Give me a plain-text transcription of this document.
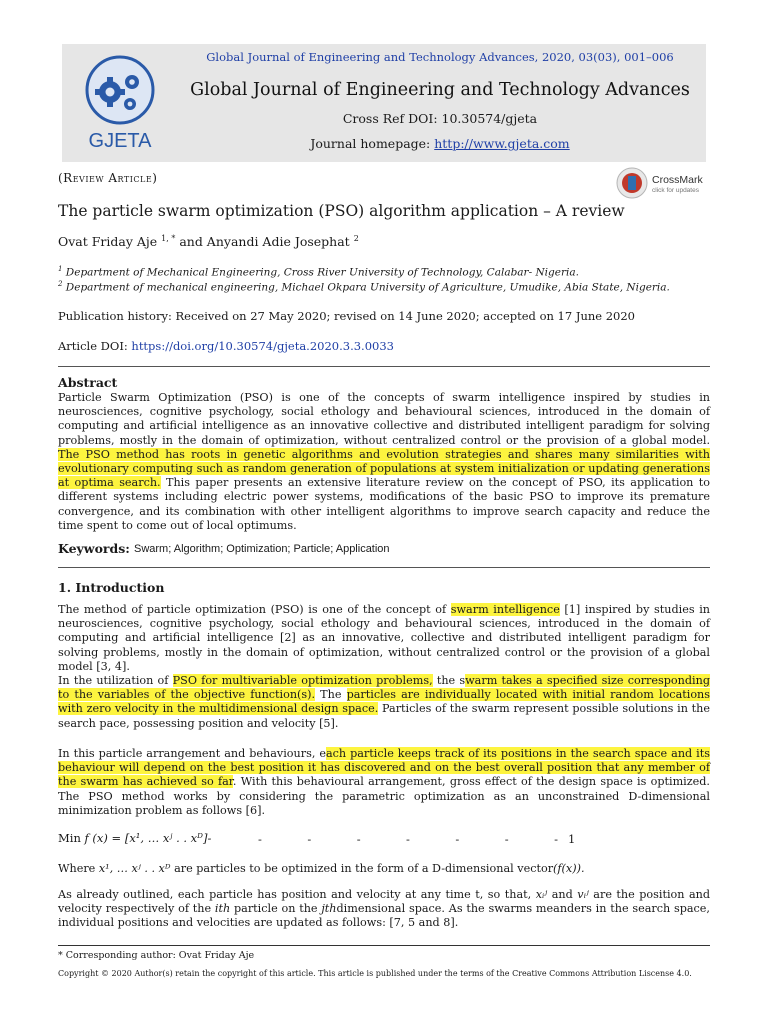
GJETA
Global Journal of Engineering and Technology Advances, 2020, 03(03), 001–006
Global Journal of Engineering and Technology Advances
Cross Ref DOI: 10.30574/gjeta
Journal homepage: http://www.gjeta.com
(Review Article)	CrossMark
click for updates
The particle swarm optimization (PSO) algorithm application – A review
Ovat Friday Aje $^{1, *}$ and Anyandi Adie Josephat $^2$
$^1$ Department of Mechanical Engineering, Cross River University of Technology, Calabar- Nigeria.
$^2$ Department of mechanical engineering, Michael Okpara University of Agriculture, Umudike, Abia State, Nigeria.
Publication history: Received on 27 May 2020; revised on 14 June 2020; accepted on 17 June 2020
Article DOI: https://doi.org/10.30574/gjeta.2020.3.3.0033
Abstract
Particle Swarm Optimization (PSO) is one of the concepts of swarm intelligence inspired by studies in neurosciences, cognitive psychology, social ethology and behavioural sciences, introduced in the domain of computing and artificial intelligence as an innovative collective and distributed intelligent paradigm for solving problems, mostly in the domain of optimization, without centralized control or the provision of a global model. The PSO method has roots in genetic algorithms and evolution strategies and shares many similarities with evolutionary computing such as random generation of populations at system initialization or updating generations at optima search. This paper presents an extensive literature review on the concept of PSO, its application to different systems including electric power systems, modifications of the basic PSO to improve its premature convergence, and its combination with other intelligent algorithms to improve search capacity and reduce the time spent to come out of local optimums.
Keywords: Swarm; Algorithm; Optimization; Particle; Application
1. Introduction
The method of particle optimization (PSO) is one of the concept of swarm intelligence [1] inspired by studies in neurosciences, cognitive psychology, social ethology and behavioural sciences, introduced in the domain of computing and artificial intelligence [2] as an innovative, collective and distributed intelligent paradigm for solving problems, mostly in the domain of optimization, without centralized control or the provision of a global model [3, 4].
In the utilization of PSO for multivariable optimization problems, the swarm takes a specified size corresponding to the variables of the objective function(s). The particles are individually located with initial random locations with zero velocity in the multidimensional design space. Particles of the swarm represent possible solutions in the search pace, possessing position and velocity [5].
In this particle arrangement and behaviours, each particle keeps track of its positions in the search space and its behaviour will depend on the best position it has discovered and on the best overall position that any member of the swarm has achieved so far. With this behavioural arrangement, gross effect of the design space is optimized. The PSO method works by considering the parametric optimization as an unconstrained D-dimensional minimization problem as follows [6].
Min f (x) = [x¹, … xʲ . . xᴰ]-	-	-	-	-	-	-	- 1
Where x¹, … xʲ . . xᴰ are particles to be optimized in the form of a D-dimensional vector(f(x)).
As already outlined, each particle has position and velocity at any time t, so that, xᵢʲ and vᵢʲ are the position and velocity respectively of the ith particle on the jthdimensional space. As the swarms meanders in the search space, individual positions and velocities are updated as follows: [7, 5 and 8].
* Corresponding author: Ovat Friday Aje
Copyright © 2020 Author(s) retain the copyright of this article. This article is published under the terms of the Creative Commons Attribution Liscense 4.0.
